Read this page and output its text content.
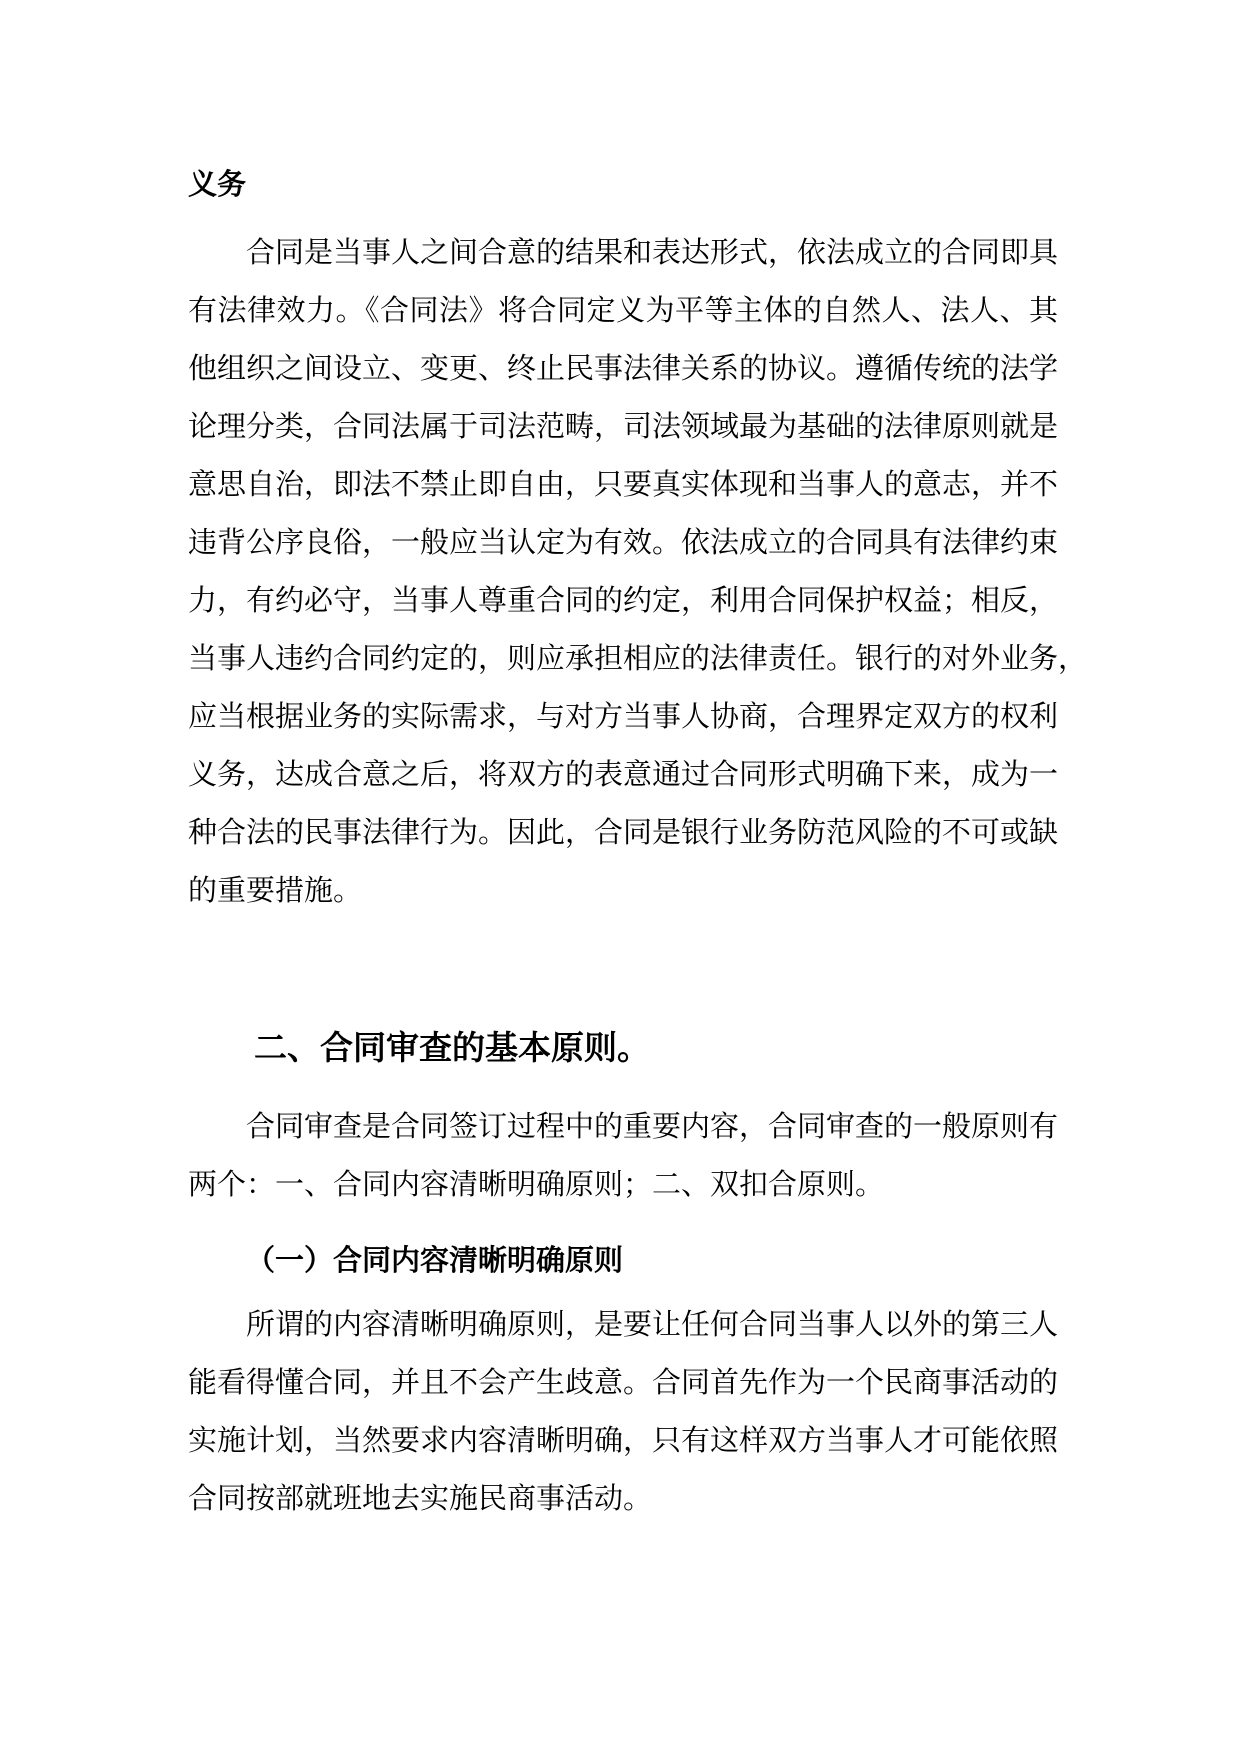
义务
合同是当事人之间合意的结果和表达形式，依法成立的合同即具
有法律效力。《合同法》将合同定义为平等主体的自然人、法人、其
他组织之间设立、变更、终止民事法律关系的协议。遵循传统的法学
论理分类，合同法属于司法范畴，司法领域最为基础的法律原则就是
意思自治，即法不禁止即自由，只要真实体现和当事人的意志，并不
违背公序良俗，一般应当认定为有效。依法成立的合同具有法律约束
力，有约必守，当事人尊重合同的约定，利用合同保护权益；相反，
当事人违约合同约定的，则应承担相应的法律责任。银行的对外业务，
应当根据业务的实际需求，与对方当事人协商，合理界定双方的权利
义务，达成合意之后，将双方的表意通过合同形式明确下来，成为一
种合法的民事法律行为。因此，合同是银行业务防范风险的不可或缺
的重要措施。
二、合同审查的基本原则。
合同审查是合同签订过程中的重要内容，合同审查的一般原则有
两个：一、合同内容清晰明确原则；二、双扣合原则。
（一）合同内容清晰明确原则
所谓的内容清晰明确原则，是要让任何合同当事人以外的第三人
能看得懂合同，并且不会产生歧意。合同首先作为一个民商事活动的
实施计划，当然要求内容清晰明确，只有这样双方当事人才可能依照
合同按部就班地去实施民商事活动。
